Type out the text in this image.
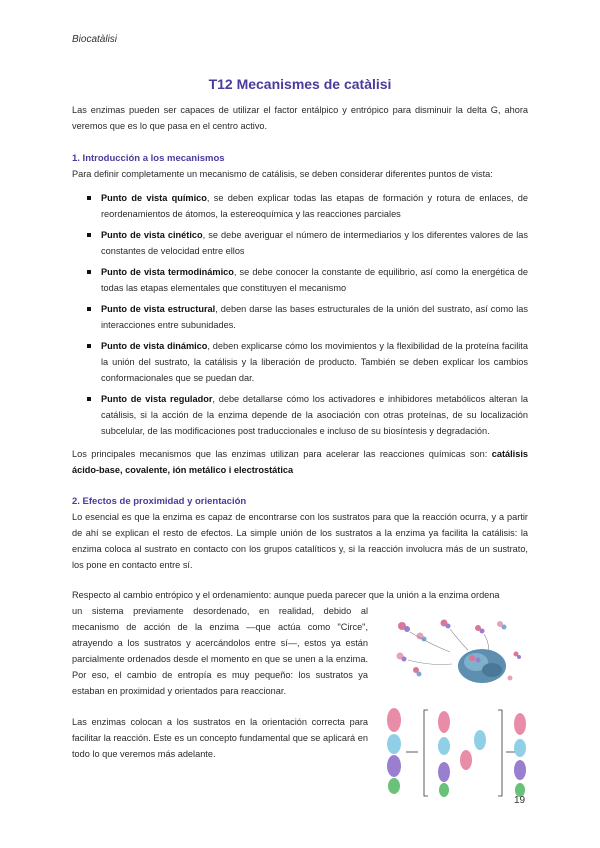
Biocatàlisi
T12 Mecanismes de catàlisi
Las enzimas pueden ser capaces de utilizar el factor entálpico y entrópico para disminuir la delta G, ahora veremos que es lo que pasa en el centro activo.
1. Introducción a los mecanismos
Para definir completamente un mecanismo de catálisis, se deben considerar diferentes puntos de vista:
Punto de vista químico, se deben explicar todas las etapas de formación y rotura de enlaces, de reordenamientos de átomos, la estereoquímica y las reacciones parciales
Punto de vista cinético, se debe averiguar el número de intermediarios y los diferentes valores de las constantes de velocidad entre ellos
Punto de vista termodinámico, se debe conocer la constante de equilibrio, así como la energética de todas las etapas elementales que constituyen el mecanismo
Punto de vista estructural, deben darse las bases estructurales de la unión del sustrato, así como las interacciones entre subunidades.
Punto de vista dinámico, deben explicarse cómo los movimientos y la flexibilidad de la proteína facilita la unión del sustrato, la catálisis y la liberación de producto. También se deben explicar los cambios conformacionales que se puedan dar.
Punto de vista regulador, debe detallarse cómo los activadores e inhibidores metabólicos alteran la catálisis, si la acción de la enzima depende de la asociación con otras proteínas, de su localización subcelular, de las modificaciones post traduccionales e incluso de su biosíntesis y degradación.
Los principales mecanismos que las enzimas utilizan para acelerar las reacciones químicas son: catálisis ácido-base, covalente, ión metálico i electrostática
2. Efectos de proximidad y orientación
Lo esencial es que la enzima es capaz de encontrarse con los sustratos para que la reacción ocurra, y a partir de ahí se explican el resto de efectos. La simple unión de los sustratos a la enzima ya facilita la catálisis: la enzima coloca al sustrato en contacto con los grupos catalíticos y, si la reacción involucra más de un sustrato, los pone en contacto entre sí.
Respecto al cambio entrópico y el ordenamiento: aunque pueda parecer que la unión a la enzima ordena
un sistema previamente desordenado, en realidad, debido al mecanismo de acción de la enzima —que actúa como "Circe", atrayendo a los sustratos y acercándolos entre sí—, estos ya están parcialmente ordenados desde el momento en que se unen a la enzima. Por eso, el cambio de entropía es muy pequeño: los sustratos ya estaban en proximidad y orientados para reaccionar.
Las enzimas colocan a los sustratos en la orientación correcta para facilitar la reacción. Este es un concepto fundamental que se aplicará en todo lo que veremos más adelante.
19
